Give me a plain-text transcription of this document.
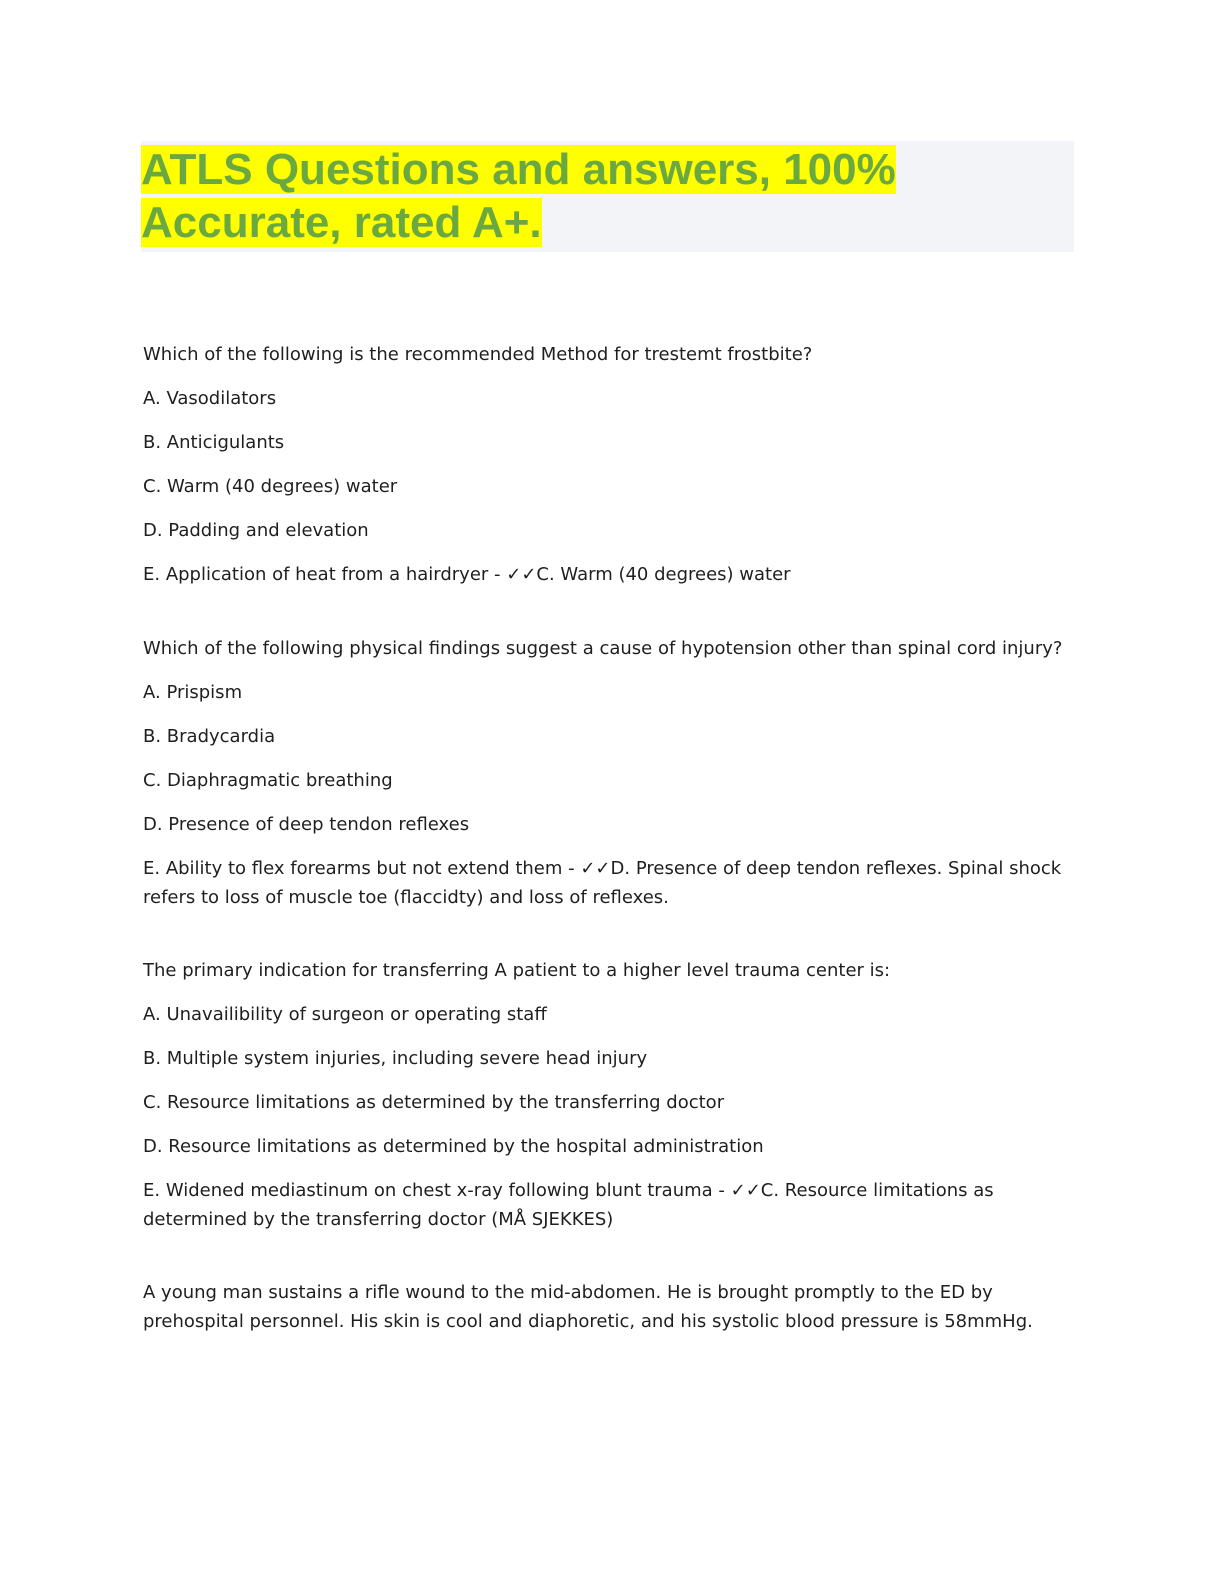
ATLS Questions and answers, 100%
Accurate, rated A+.

Which of the following is the recommended Method for trestemt frostbite?

A. Vasodilators

B. Anticigulants

C. Warm (40 degrees) water

D. Padding and elevation

E. Application of heat from a hairdryer - ✓✓C. Warm (40 degrees) water

Which of the following physical findings suggest a cause of hypotension other than spinal cord injury?

A. Prispism

B. Bradycardia

C. Diaphragmatic breathing

D. Presence of deep tendon reflexes

E. Ability to flex forearms but not extend them - ✓✓D. Presence of deep tendon reflexes. Spinal shock refers to loss of muscle toe (flaccidty) and loss of reflexes.

The primary indication for transferring A patient to a higher level trauma center is:

A. Unavailibility of surgeon or operating staff

B. Multiple system injuries, including severe head injury

C. Resource limitations as determined by the transferring doctor

D. Resource limitations as determined by the hospital administration

E. Widened mediastinum on chest x-ray following blunt trauma - ✓✓C. Resource limitations as determined by the transferring doctor (MÅ SJEKKES)

A young man sustains a rifle wound to the mid-abdomen. He is brought promptly to the ED by prehospital personnel. His skin is cool and diaphoretic, and his systolic blood pressure is 58mmHg.
